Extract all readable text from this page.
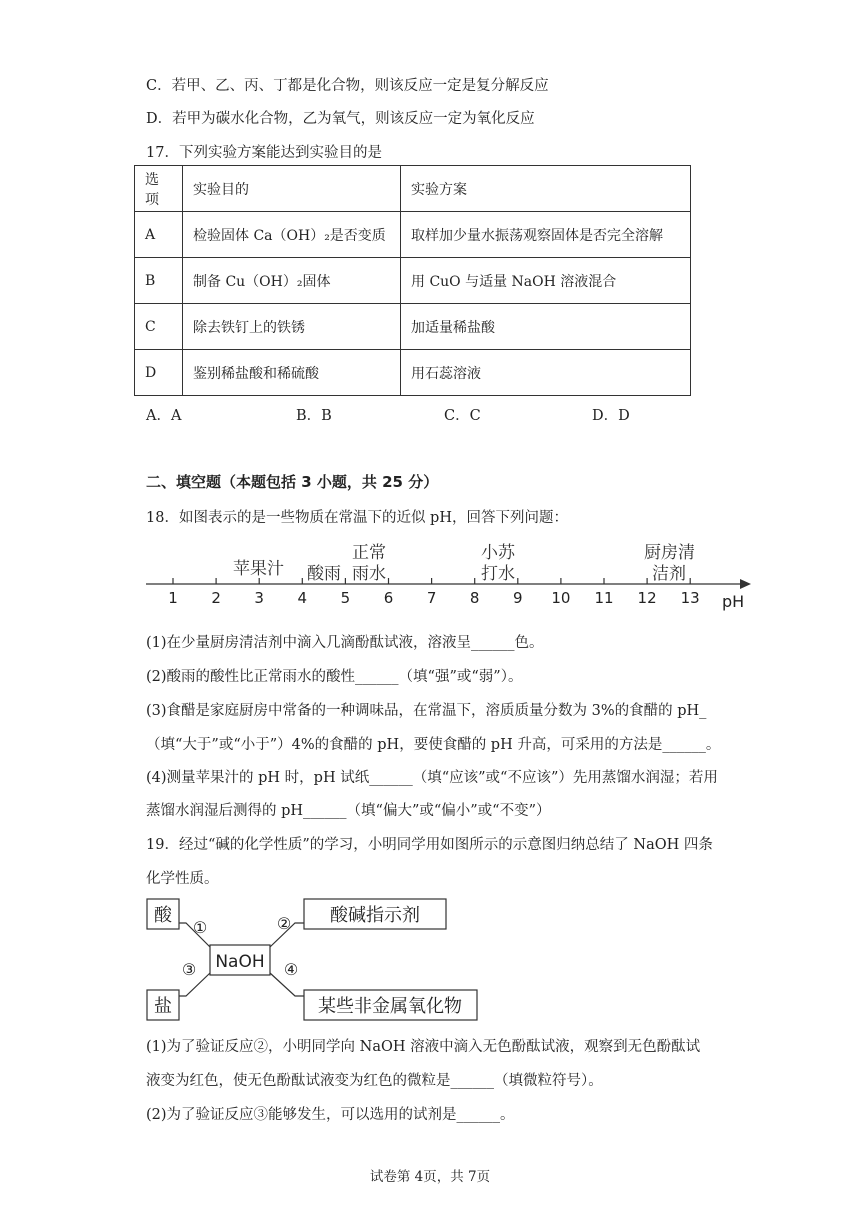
C．若甲、乙、丙、丁都是化合物，则该反应一定是复分解反应
D．若甲为碳水化合物，乙为氧气，则该反应一定为氧化反应
17．下列实验方案能达到实验目的是
选项	实验目的	实验方案
A	检验固体 Ca（OH）₂是否变质	取样加少量水振荡观察固体是否完全溶解
B	制备 Cu（OH）₂固体	用 CuO 与适量 NaOH 溶液混合
C	除去铁钉上的铁锈	加适量稀盐酸
D	鉴别稀盐酸和稀硫酸	用石蕊溶液
A．A	B．B	C．C	D．D
二、填空题（本题包括 3 小题，共 25 分）
18．如图表示的是一些物质在常温下的近似 pH，回答下列问题：
1 2 3 4 5 6 7 8 9 10 11 12 13 pH
苹果汁 酸雨
正常
雨水
小苏
打水
厨房清
洁剂
(1)在少量厨房清洁剂中滴入几滴酚酞试液，溶液呈______色。
(2)酸雨的酸性比正常雨水的酸性______（填“强”或“弱”）。
(3)食醋是家庭厨房中常备的一种调味品，在常温下，溶质质量分数为 3%的食醋的 pH_
（填“大于”或“小于”）4%的食醋的 pH，要使食醋的 pH 升高，可采用的方法是______。
(4)测量苹果汁的 pH 时，pH 试纸______（填“应该”或“不应该”）先用蒸馏水润湿；若用
蒸馏水润湿后测得的 pH______（填“偏大”或“偏小”或“不变”）
19．经过“碱的化学性质”的学习，小明同学用如图所示的示意图归纳总结了 NaOH 四条
化学性质。
酸	酸碱指示剂
NaOH
盐	某些非金属氧化物
①	②
③	④
(1)为了验证反应②，小明同学向 NaOH 溶液中滴入无色酚酞试液，观察到无色酚酞试
液变为红色，使无色酚酞试液变为红色的微粒是______（填微粒符号）。
(2)为了验证反应③能够发生，可以选用的试剂是______。
试卷第 4页，共 7页
